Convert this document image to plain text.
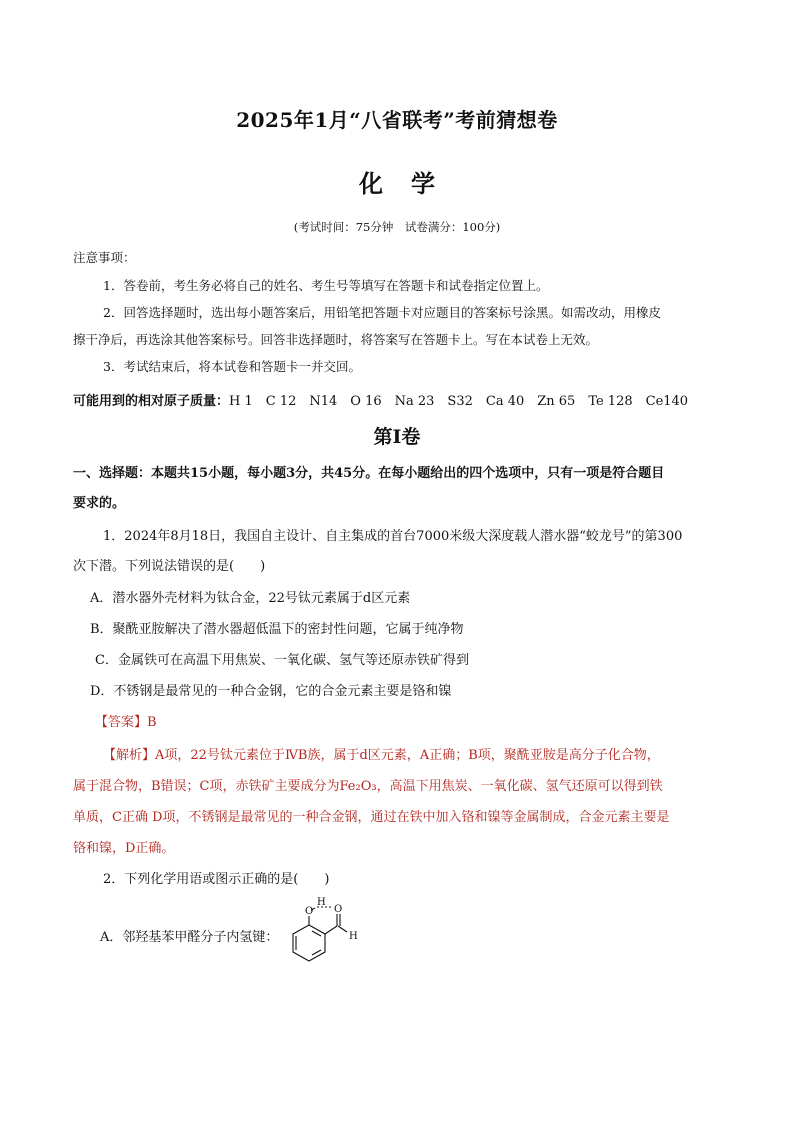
2025年1月“八省联考”考前猜想卷
化学
(考试时间：75分钟　试卷满分：100分)
注意事项：
1．答卷前，考生务必将自己的姓名、考生号等填写在答题卡和试卷指定位置上。
2．回答选择题时，选出每小题答案后，用铅笔把答题卡对应题目的答案标号涂黑。如需改动，用橡皮
擦干净后，再选涂其他答案标号。回答非选择题时，将答案写在答题卡上。写在本试卷上无效。
3．考试结束后，将本试卷和答题卡一并交回。
可能用到的相对原子质量：H 1　C 12　N14　O 16　Na 23　S32　Ca 40　Zn 65　Te 128　Ce140
第Ⅰ卷
一、选择题：本题共15小题，每小题3分，共45分。在每小题给出的四个选项中，只有一项是符合题目
要求的。
1．2024年8月18日，我国自主设计、自主集成的首台7000米级大深度载人潜水器“蛟龙号”的第300
次下潜。下列说法错误的是(　　)
A．潜水器外壳材料为钛合金，22号钛元素属于d区元素
B．聚酰亚胺解决了潜水器超低温下的密封性问题，它属于纯净物
C．金属铁可在高温下用焦炭、一氧化碳、氢气等还原赤铁矿得到
D．不锈钢是最常见的一种合金钢，它的合金元素主要是铬和镍
【答案】B
【解析】A项，22号钛元素位于ⅣB族，属于d区元素，A正确；B项，聚酰亚胺是高分子化合物，
属于混合物，B错误；C项，赤铁矿主要成分为Fe₂O₃，高温下用焦炭、一氧化碳、氢气还原可以得到铁
单质，C正确 D项，不锈钢是最常见的一种合金钢，通过在铁中加入铬和镍等金属制成，合金元素主要是
铬和镍，D正确。
2．下列化学用语或图示正确的是(　　)
A．邻羟基苯甲醛分子内氢键：
O
H
O
H
